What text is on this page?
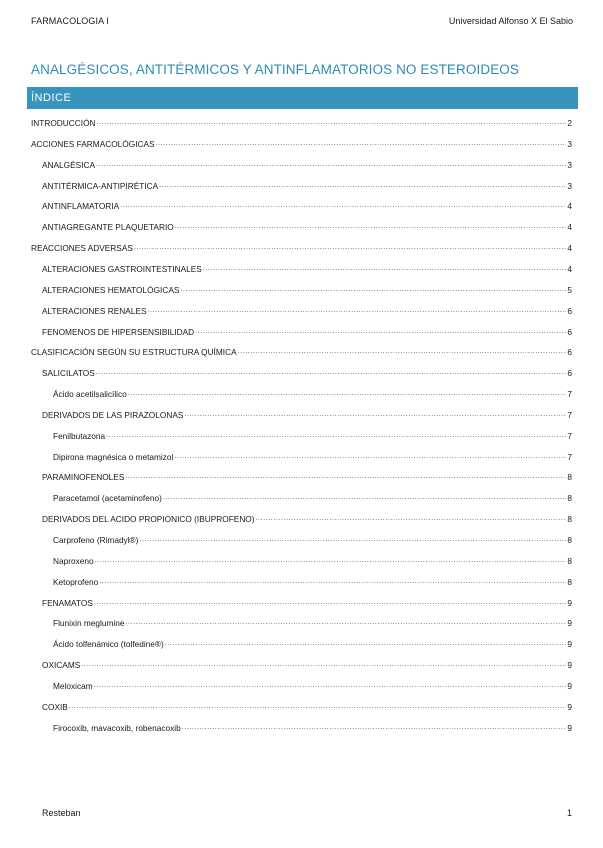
FARMACOLOGIA I	Universidad Alfonso X El Sabio
ANALGÉSICOS, ANTITÉRMICOS Y ANTINFLAMATORIOS NO ESTEROIDEOS
ÍNDICE
INTRODUCCIÓN .....	2
ACCIONES FARMACOLÓGICAS .....	3
ANALGÉSICA .....	3
ANTITÉRMICA-ANTIPIRÉTICA .....	3
ANTINFLAMATORIA .....	4
ANTIAGREGANTE PLAQUETARIO .....	4
REACCIONES ADVERSAS .....	4
ALTERACIONES GASTROINTESTINALES .....	4
ALTERACIONES HEMATOLÓGICAS .....	5
ALTERACIONES RENALES .....	6
FENOMENOS DE HIPERSENSIBILIDAD .....	6
CLASIFICACIÓN SEGÚN SU ESTRUCTURA QUÍMICA .....	6
SALICILATOS .....	6
Ácido acetilsalicílico .....	7
DERIVADOS DE LAS PIRAZOLONAS .....	7
Fenilbutazona .....	7
Dipirona magnésica o metamizol .....	7
PARAMINOFENOLES .....	8
Paracetamol (acetaminofeno) .....	8
DERIVADOS DEL ACIDO PROPIONICO (IBUPROFENO) .....	8
Carprofeno (Rimadyl®) .....	8
Naproxeno .....	8
Ketoprofeno .....	8
FENAMATOS .....	9
Flunixin meglumine .....	9
Ácido tolfenámico (tolfedine®) .....	9
OXICAMS .....	9
Meloxicam .....	9
COXIB .....	9
Firocoxib, mavacoxib, robenacoxib .....	9
Resteban	1
